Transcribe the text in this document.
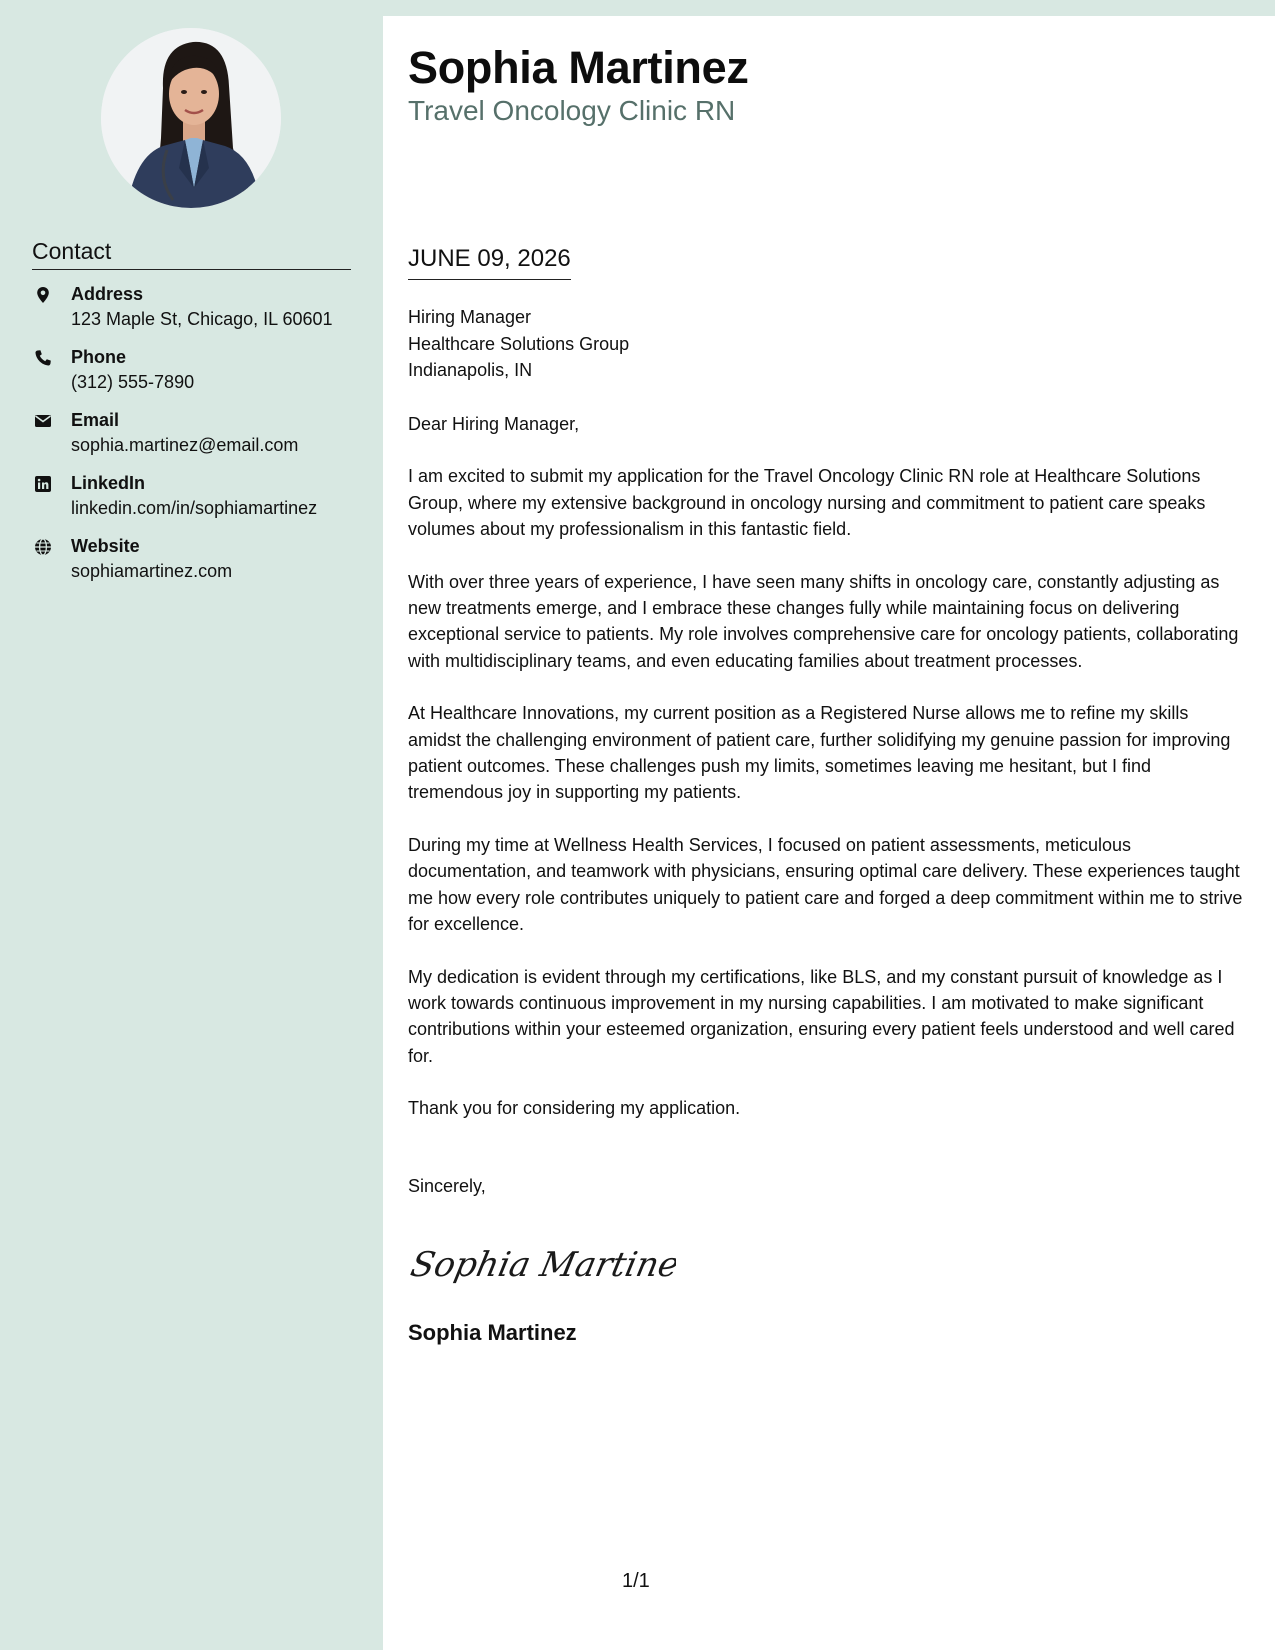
Contact
Address
123 Maple St, Chicago, IL 60601
Phone
(312) 555-7890
Email
sophia.martinez@email.com
LinkedIn
linkedin.com/in/sophiamartinez
Website
sophiamartinez.com
Sophia Martinez
Travel Oncology Clinic RN
JUNE 09, 2026
Hiring Manager
Healthcare Solutions Group
Indianapolis, IN

Dear Hiring Manager,

I am excited to submit my application for the Travel Oncology Clinic RN role at Healthcare Solutions Group, where my extensive background in oncology nursing and commitment to patient care speaks volumes about my professionalism in this fantastic field.

With over three years of experience, I have seen many shifts in oncology care, constantly adjusting as new treatments emerge, and I embrace these changes fully while maintaining focus on delivering exceptional service to patients. My role involves comprehensive care for oncology patients, collaborating with multidisciplinary teams, and even educating families about treatment processes.

At Healthcare Innovations, my current position as a Registered Nurse allows me to refine my skills amidst the challenging environment of patient care, further solidifying my genuine passion for improving patient outcomes. These challenges push my limits, sometimes leaving me hesitant, but I find tremendous joy in supporting my patients.

During my time at Wellness Health Services, I focused on patient assessments, meticulous documentation, and teamwork with physicians, ensuring optimal care delivery. These experiences taught me how every role contributes uniquely to patient care and forged a deep commitment within me to strive for excellence.

My dedication is evident through my certifications, like BLS, and my constant pursuit of knowledge as I work towards continuous improvement in my nursing capabilities. I am motivated to make significant contributions within your esteemed organization, ensuring every patient feels understood and well cared for.

Thank you for considering my application.

Sincerely,
Sophia Martinez
Sophia Martinez
1/1
